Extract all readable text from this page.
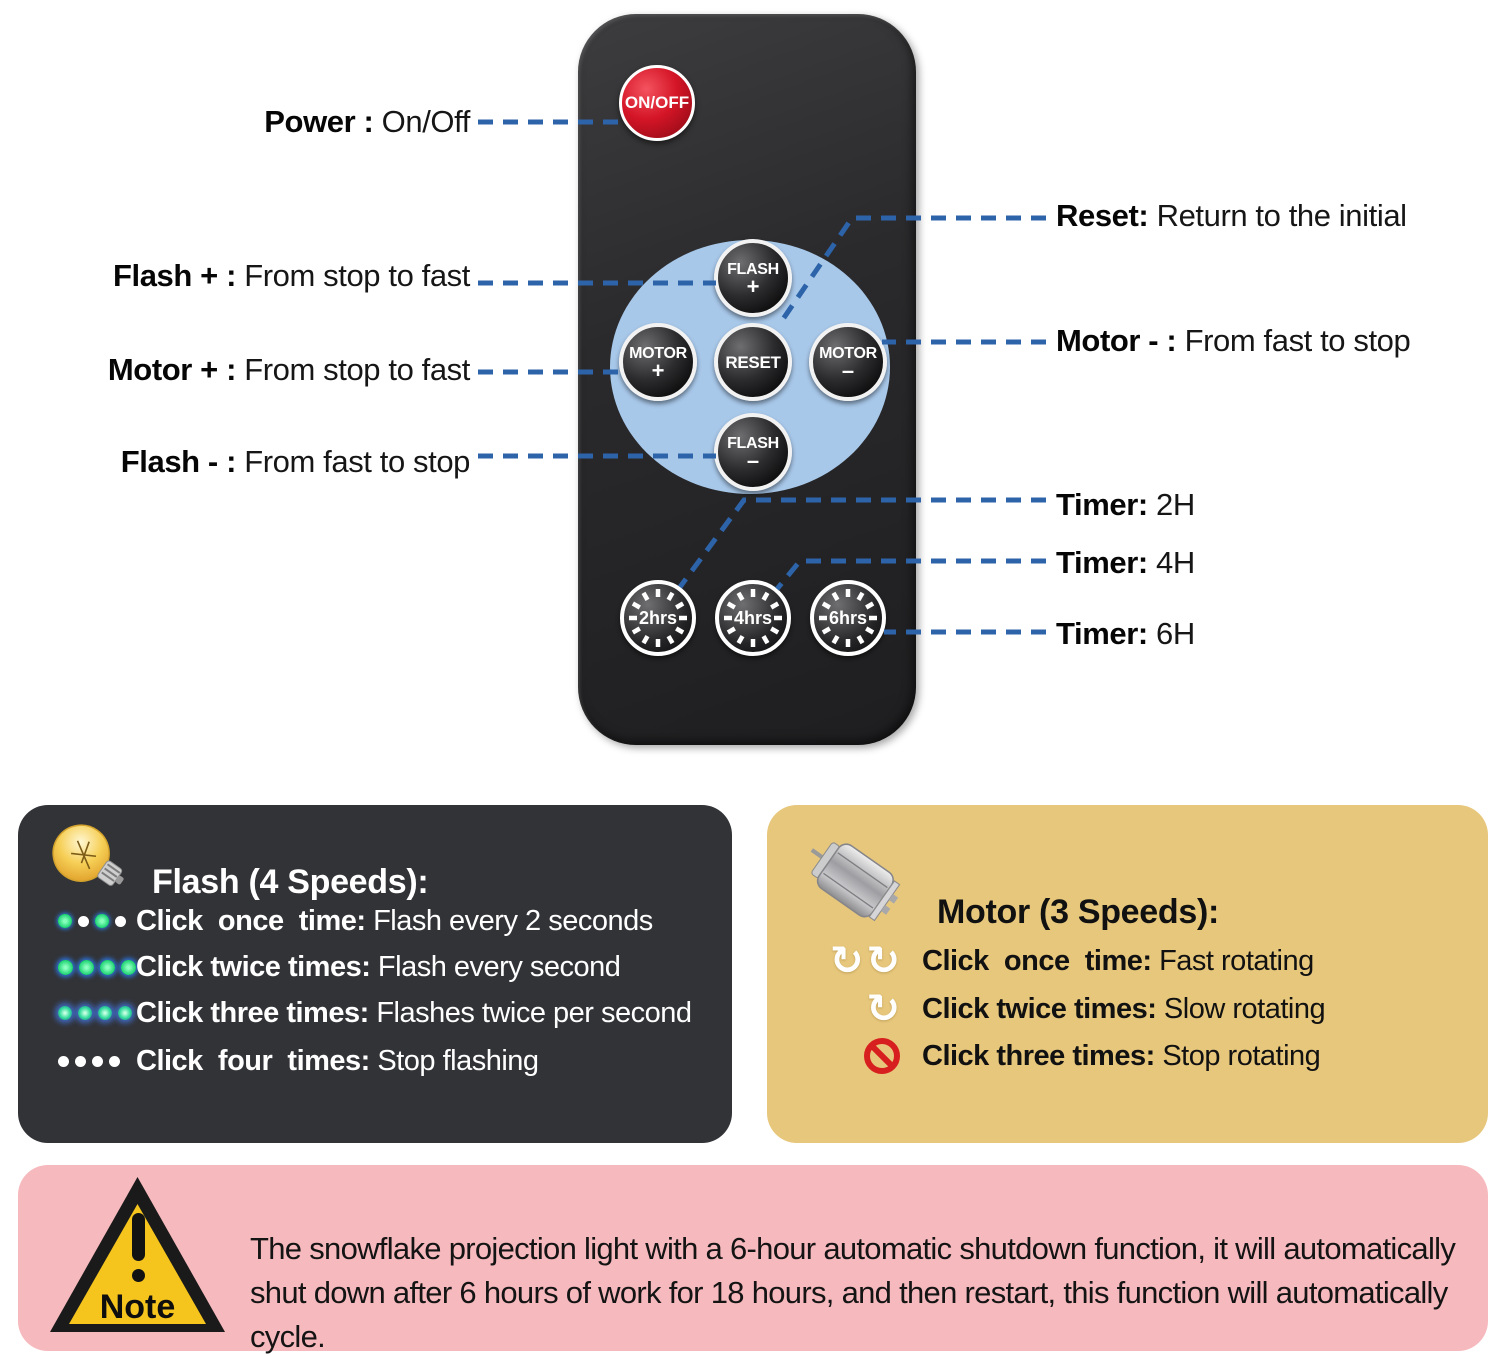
ON/OFF
FLASH
+
MOTOR
+	RESET MOTOR
–
FLASH
–
2hrs	4hrs	6hrs
Power : On/Off
Flash + : From stop to fast
Motor + : From stop to fast
Flash - : From fast to stop
Reset: Return to the initial
Motor - : From fast to stop
Timer: 2H
Timer: 4H
Timer: 6H
Flash (4 Speeds):
Click  once  time: Flash every 2 seconds
Click twice times: Flash every second
Click three times: Flashes twice per second
Click  four  times: Stop flashing
Motor (3 Speeds):
↻ ↻ Click  once  time: Fast rotating
↻ Click twice times: Slow rotating
Click three times: Stop rotating
Note
The snowflake projection light with a 6-hour automatic shutdown function, it will automatically shut down after 6 hours of work for 18 hours, and then restart, this function will automatically cycle.
